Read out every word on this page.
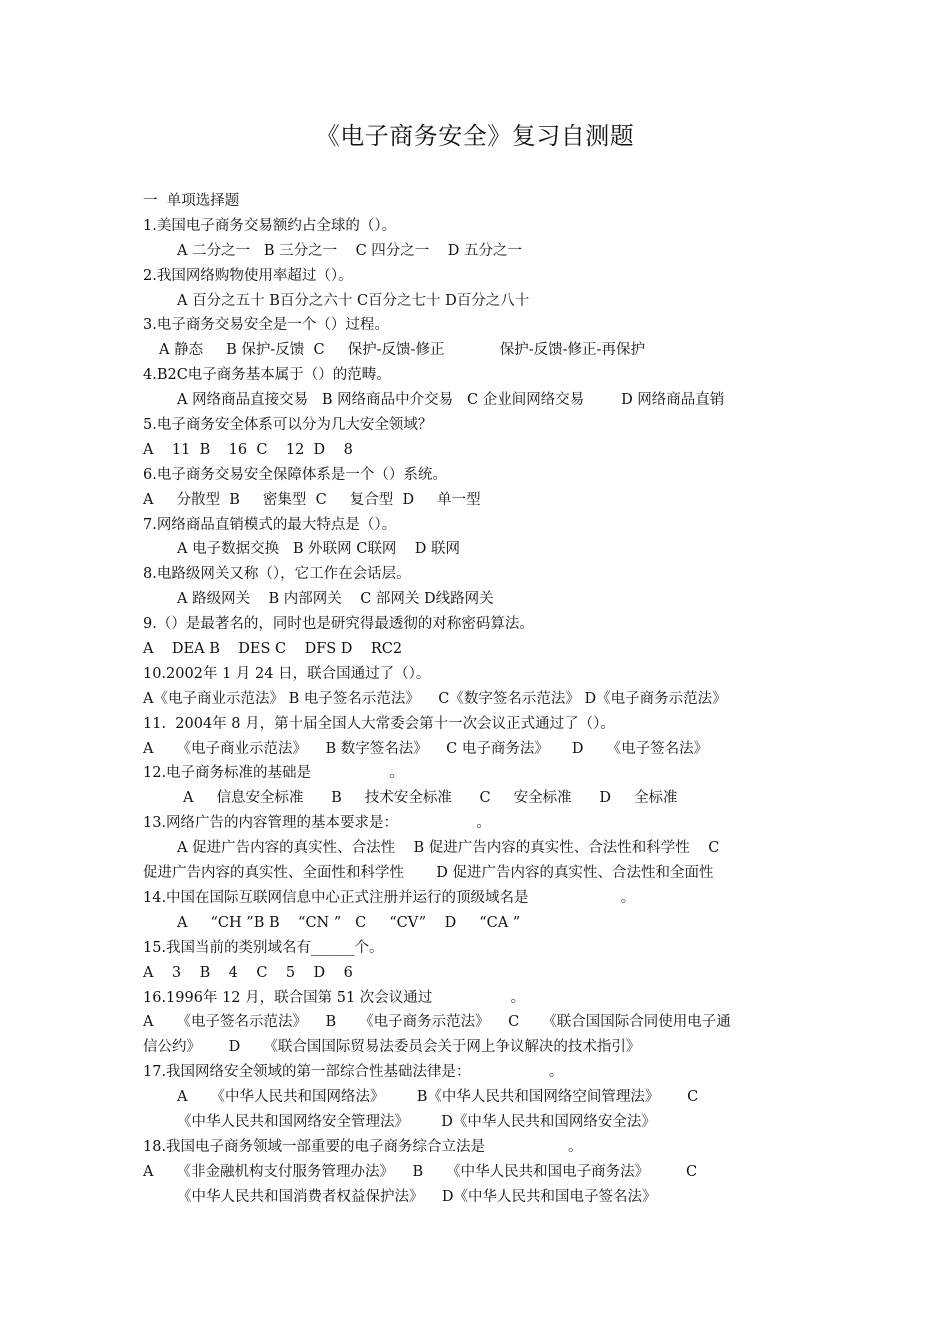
《电子商务安全》复习自测题
一  单项选择题
1.美国电子商务交易额约占全球的（）。
A 二分之一   B 三分之一    C 四分之一    D 五分之一
2.我国网络购物使用率超过（）。
A 百分之五十 B百分之六十 C百分之七十 D百分之八十
3.电子商务交易安全是一个（）过程。
A 静态     B 保护-反馈  C     保护-反馈-修正            保护-反馈-修正-再保护
4.B2C电子商务基本属于（）的范畴。
A 网络商品直接交易   B 网络商品中介交易   C 企业间网络交易        D 网络商品直销
5.电子商务安全体系可以分为几大安全领域？
A    11  B    16  C    12  D    8
6.电子商务交易安全保障体系是一个（）系统。
A     分散型  B     密集型  C     复合型  D     单一型
7.网络商品直销模式的最大特点是（）。
A 电子数据交换   B 外联网 C联网    D 联网
8.电路级网关又称（），它工作在会话层。
A 路级网关    B 内部网关    C 部网关 D线路网关
9.（）是最著名的，同时也是研究得最透彻的对称密码算法。
A    DEA B    DES C    DFS D    RC2
10.2002年 1 月 24 日，联合国通过了（）。
A《电子商业示范法》 B 电子签名示范法》    C《数字签名示范法》 D《电子商务示范法》
11.  2004年 8 月，第十届全国人大常委会第十一次会议正式通过了（）。
A     《电子商业示范法》    B 数字签名法》    C 电子商务法》     D     《电子签名法》
12.电子商务标准的基础是                 。
A     信息安全标准      B     技术安全标准      C     安全标准      D     全标准
13.网络广告的内容管理的基本要求是：                 。
A 促进广告内容的真实性、合法性    B 促进广告内容的真实性、合法性和科学性    C
促进广告内容的真实性、全面性和科学性       D 促进广告内容的真实性、合法性和全面性
14.中国在国际互联网信息中心正式注册并运行的顶级域名是                    。
A     “CH ”B B    “CN ”   C     “CV”    D     “CA ”
15.我国当前的类别域名有______个。
A    3    B    4    C    5    D    6
16.1996年 12 月，联合国第 51 次会议通过                 。
A     《电子签名示范法》    B     《电子商务示范法》    C     《联合国国际合同使用电子通
信公约》      D     《联合国国际贸易法委员会关于网上争议解决的技术指引》
17.我国网络安全领域的第一部综合性基础法律是：                 。
A     《中华人民共和国网络法》       B《中华人民共和国网络空间管理法》      C
《中华人民共和国网络安全管理法》       D《中华人民共和国网络安全法》
18.我国电子商务领域一部重要的电子商务综合立法是                  。
A     《非金融机构支付服务管理办法》    B     《中华人民共和国电子商务法》        C
《中华人民共和国消费者权益保护法》    D《中华人民共和国电子签名法》
